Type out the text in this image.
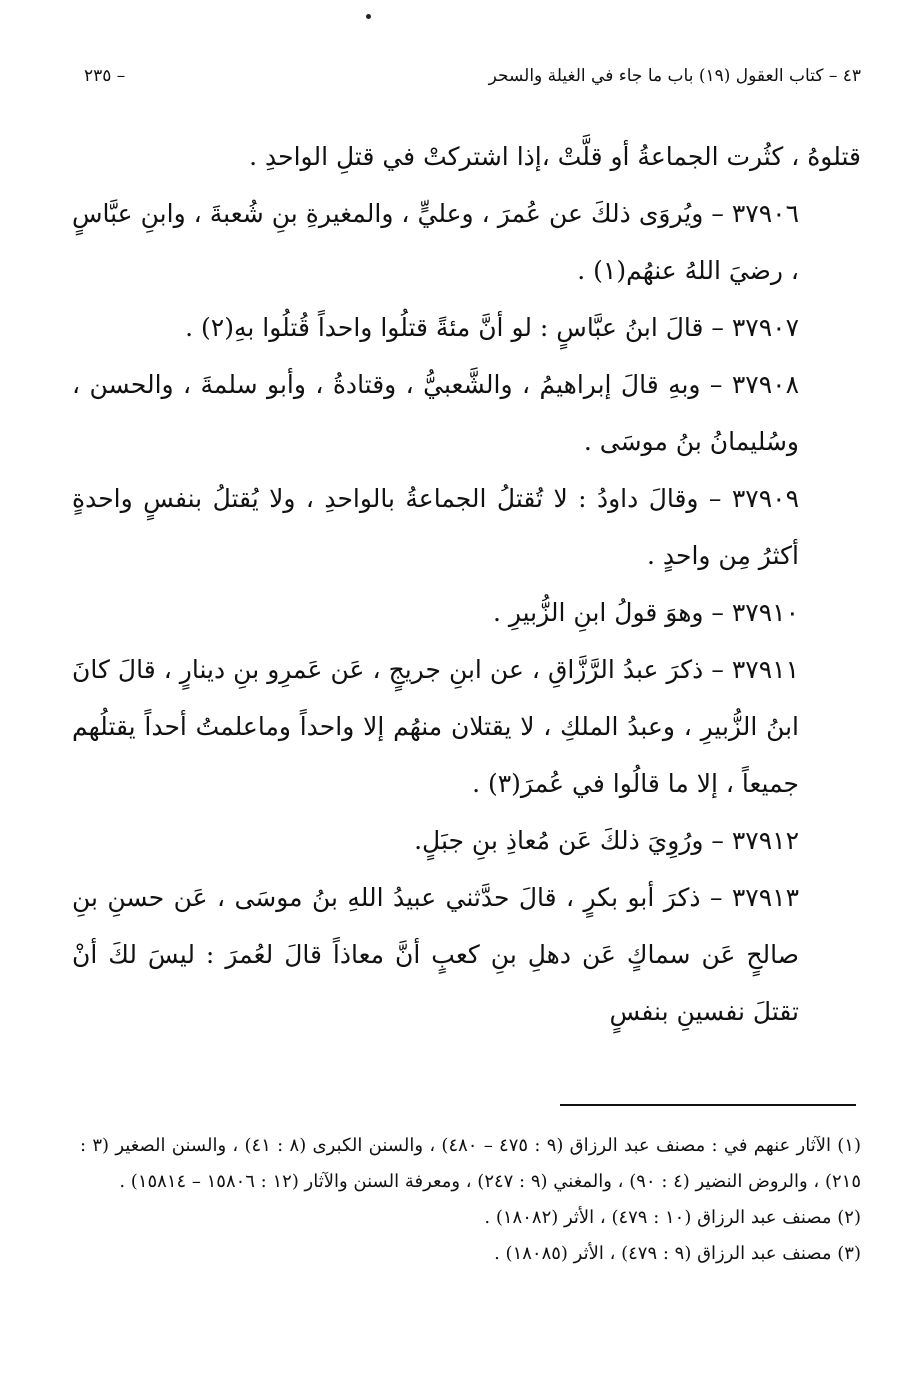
٤٣ – كتاب العقول (١٩) باب ما جاء في الغيلة والسحر
– ٢٣٥

قتلوهُ ، كثُرت الجماعةُ أو قلَّتْ ،إذا اشتركتْ في قتلِ الواحدِ .

٣٧٩٠٦ – ويُروَى ذلكَ عن عُمرَ ، وعليٍّ ، والمغيرةِ بنِ شُعبةَ ، وابنِ عبَّاسٍ ، رضيَ اللهُ عنهُم(١) .

٣٧٩٠٧ – قالَ ابنُ عبَّاسٍ : لو أنَّ مئةً قتلُوا واحداً قُتلُوا بهِ(٢) .

٣٧٩٠٨ – وبهِ قالَ إبراهيمُ ، والشَّعبيُّ ، وقتادةُ ، وأبو سلمةَ ، والحسن ، وسُليمانُ بنُ موسَى .

٣٧٩٠٩ – وقالَ داودُ : لا تُقتلُ الجماعةُ بالواحدِ ، ولا يُقتلُ بنفسٍ واحدةٍ أكثرُ مِن واحدٍ .

٣٧٩١٠ – وهوَ قولُ ابنِ الزُّبيرِ .

٣٧٩١١ – ذكرَ عبدُ الرَّزَّاقِ ، عن ابنِ جريجٍ ، عَن عَمرِو بنِ دينارٍ ، قالَ كانَ ابنُ الزُّبيرِ ، وعبدُ الملكِ ، لا يقتلان منهُم إلا واحداً وماعلمتُ أحداً يقتلُهم جميعاً ، إلا ما قالُوا في عُمرَ(٣) .

٣٧٩١٢ – ورُوِيَ ذلكَ عَن مُعاذِ بنِ جبَلٍ.

٣٧٩١٣ – ذكرَ أبو بكرٍ ، قالَ حدَّثني عبيدُ اللهِ بنُ موسَى ، عَن حسنِ بنِ صالحٍ عَن سماكٍ عَن دهلِ بنِ كعبٍ أنَّ معاذاً قالَ لعُمرَ : ليسَ لكَ أنْ تقتلَ نفسينِ بنفسٍ

(١) الآثار عنهم في : مصنف عبد الرزاق (٩ : ٤٧٥ – ٤٨٠) ، والسنن الكبرى (٨ : ٤١) ، والسنن الصغير (٣ : ٢١٥) ، والروض النضير (٤ : ٩٠) ، والمغني (٩ : ٢٤٧) ، ومعرفة السنن والآثار (١٢ : ١٥٨٠٦ – ١٥٨١٤) .

(٢) مصنف عبد الرزاق (١٠ : ٤٧٩) ، الأثر (١٨٠٨٢) .

(٣) مصنف عبد الرزاق (٩ : ٤٧٩) ، الأثر (١٨٠٨٥) .
